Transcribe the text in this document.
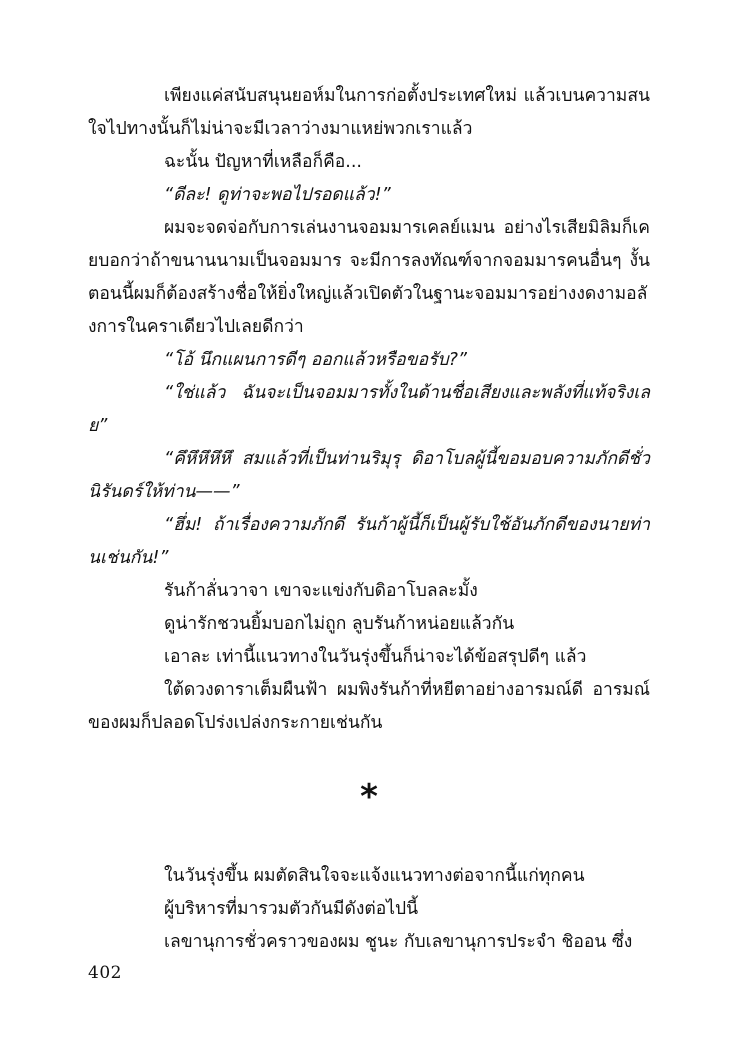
เพียงแค่สนับสนุนยอห์มในการก่อตั้งประเทศใหม่ แล้วเบนความสนใจไปทางนั้นก็ไม่น่าจะมีเวลาว่างมาแหย่พวกเราแล้ว

ฉะนั้น ปัญหาที่เหลือก็คือ...

“ดีละ! ดูท่าจะพอไปรอดแล้ว!”

ผมจะจดจ่อกับการเล่นงานจอมมารเคลย์แมน อย่างไรเสียมิลิมก็เคยบอกว่าถ้าขนานนามเป็นจอมมาร จะมีการลงทัณฑ์จากจอมมารคนอื่นๆ งั้นตอนนี้ผมก็ต้องสร้างชื่อให้ยิ่งใหญ่แล้วเปิดตัวในฐานะจอมมารอย่างงดงามอลังการในคราเดียวไปเลยดีกว่า

“โอ้ นึกแผนการดีๆ ออกแล้วหรือขอรับ?”

“ใช่แล้ว ฉันจะเป็นจอมมารทั้งในด้านชื่อเสียงและพลังที่แท้จริงเลย”

“คึหึหึหึหึ สมแล้วที่เป็นท่านริมุรุ ดิอาโบลผู้นี้ขอมอบความภักดีชั่วนิรันดร์ให้ท่าน——”

“ฮึ่ม! ถ้าเรื่องความภักดี รันก้าผู้นี้ก็เป็นผู้รับใช้อันภักดีของนายท่านเช่นกัน!”

รันก้าลั่นวาจา เขาจะแข่งกับดิอาโบลละมั้ง

ดูน่ารักชวนยิ้มบอกไม่ถูก ลูบรันก้าหน่อยแล้วกัน

เอาละ เท่านี้แนวทางในวันรุ่งขึ้นก็น่าจะได้ข้อสรุปดีๆ แล้ว

ใต้ดวงดาราเต็มผืนฟ้า ผมพิงรันก้าที่หยีตาอย่างอารมณ์ดี อารมณ์ของผมก็ปลอดโปร่งเปล่งกระกายเช่นกัน

*

ในวันรุ่งขึ้น ผมตัดสินใจจะแจ้งแนวทางต่อจากนี้แก่ทุกคน

ผู้บริหารที่มารวมตัวกันมีดังต่อไปนี้

เลขานุการชั่วคราวของผม ชูนะ กับเลขานุการประจำ ชิออน ซึ่ง

402
